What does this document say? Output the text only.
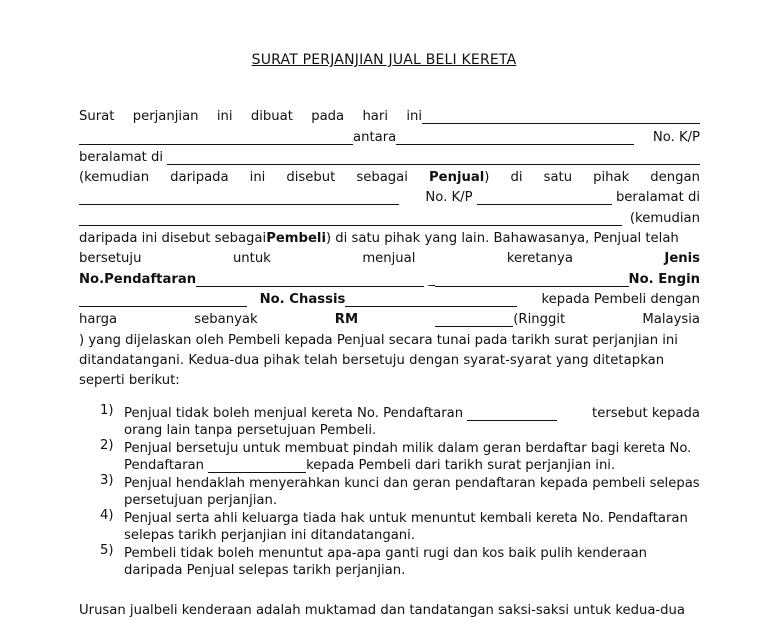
SURAT PERJANJIAN JUAL BELI KERETA
Surat perjanjian ini dibuat pada hari ini
antara	No. K/P
beralamat di

(kemudian daripada ini disebut sebagai Penjual ) di satu pihak dengan
No. K/P

	beralamat di

(kemudian
daripada ini disebut sebagai Pembeli ) di satu pihak yang lain. Bahawasanya, Penjual telah
bersetuju	untuk	menjual	keretanya	Jenis
No.Pendaftaran
	_	No. Engin

No. Chassis	kepada Pembeli dengan
harga	sebanyak	RM	(Ringgit	Malaysia
) yang dijelaskan oleh Pembeli kepada Penjual secara tunai pada tarikh surat perjanjian ini
ditandatangani. Kedua-dua pihak telah bersetuju dengan syarat-syarat yang ditetapkan
seperti berikut:
1) Penjual tidak boleh menjual kereta No. Pendaftaran
	tersebut kepada
orang lain tanpa persetujuan Pembeli.
2) Penjual bersetuju untuk membuat pindah milik dalam geran berdaftar bagi kereta No.
Pendaftaran
	kepada Pembeli dari tarikh surat perjanjian ini.
3) Penjual hendaklah menyerahkan kunci dan geran pendaftaran kepada pembeli selepas
persetujuan perjanjian.
4) Penjual serta ahli keluarga tiada hak untuk menuntut kembali kereta No. Pendaftaran
selepas tarikh perjanjian ini ditandatangani.
5) Pembeli tidak boleh menuntut apa-apa ganti rugi dan kos baik pulih kenderaan
daripada Penjual selepas tarikh perjanjian.
Urusan jualbeli kenderaan adalah muktamad dan tandatangan saksi-saksi untuk kedua-dua
